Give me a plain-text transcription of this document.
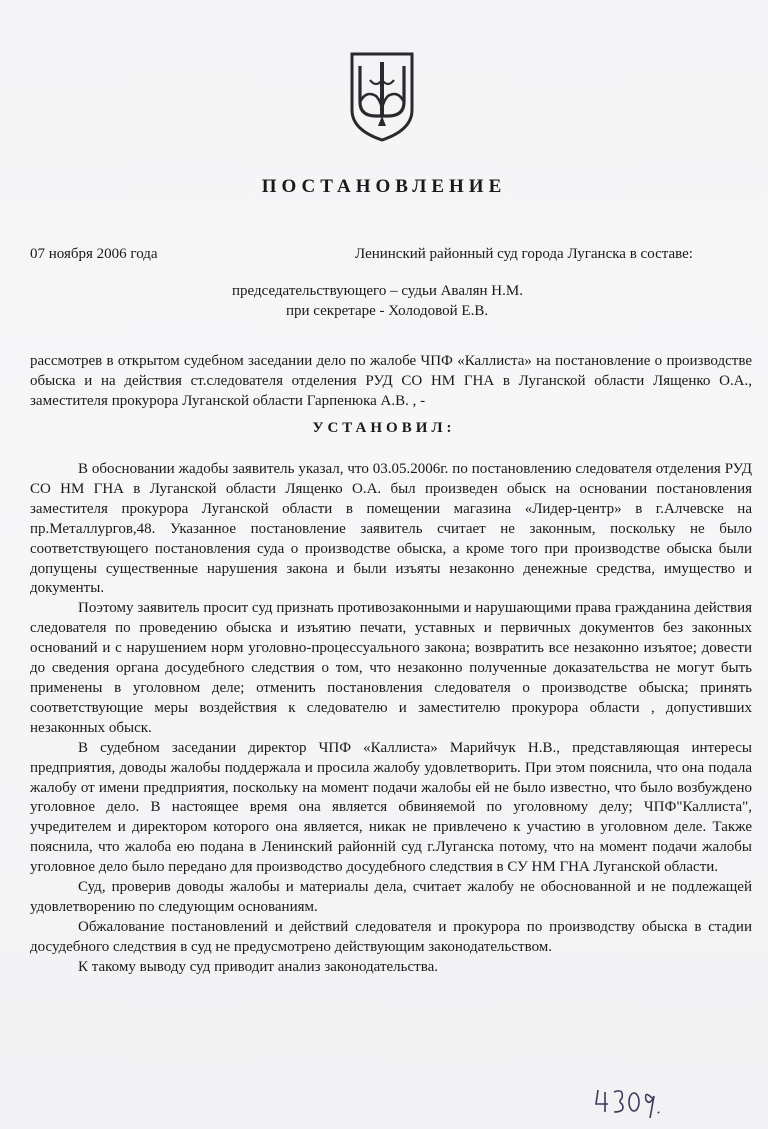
ПОСТАНОВЛЕНИЕ
07 ноября 2006 года	Ленинский районный суд города Луганска в составе:
председательствующего – судьи Авалян Н.М.
при секретаре - Холодовой Е.В.

рассмотрев в открытом судебном заседании дело по жалобе ЧПФ «Каллиста» на постановление о производстве обыска и на действия ст.следователя отделения РУД СО НМ ГНА в Луганской области Лященко О.А., заместителя прокурора Луганской области Гарпенюка А.В. , -

УСТАНОВИЛ:

В обосновании жадобы заявитель указал, что 03.05.2006г. по постановлению следователя отделения РУД СО НМ ГНА в Луганской области Лященко О.А. был произведен обыск на основании постановления заместителя прокурора Луганской области в помещении магазина «Лидер-центр» в г.Алчевске на пр.Металлургов,48. Указанное постановление заявитель считает не законным, поскольку не было соответствующего постановления суда о производстве обыска, а кроме того при производстве обыска были допущены существенные нарушения закона и были изъяты незаконно денежные средства, имущество и документы.

Поэтому заявитель просит суд признать противозаконными и нарушающими права гражданина действия следователя по проведению обыска и изъятию печати, уставных и первичных документов без законных оснований и с нарушением норм уголовно-процессуального закона; возвратить все незаконно изъятое; довести до сведения органа досудебного следствия о том, что незаконно полученные доказательства не могут быть применены в уголовном деле; отменить постановления следователя о производстве обыска; принять соответствующие меры воздействия к следователю и заместителю прокурора области , допустивших незаконных обыск.

В судебном заседании директор ЧПФ «Каллиста» Марийчук Н.В., представляющая интересы предприятия, доводы жалобы поддержала и просила жалобу удовлетворить. При этом пояснила, что она подала жалобу от имени предприятия, поскольку на момент подачи жалобы ей не было известно, что было возбуждено уголовное дело. В настоящее время она является обвиняемой по уголовному делу; ЧПФ"Каллиста", учредителем и директором которого она является, никак не привлечено к участию в уголовном деле. Также пояснила, что жалоба ею подана в Ленинский районній суд г.Луганска потому, что на момент подачи жалобы уголовное дело было передано для производство досудебного следствия в СУ НМ ГНА Луганской области.

Суд, проверив доводы жалобы и материалы дела, считает жалобу не обоснованной и не подлежащей удовлетворению по следующим основаниям.

Обжалование постановлений и действий следователя и прокурора по производству обыска в стадии досудебного следствия в суд не предусмотрено действующим законодательством.

К такому выводу суд приводит анализ законодательства.
